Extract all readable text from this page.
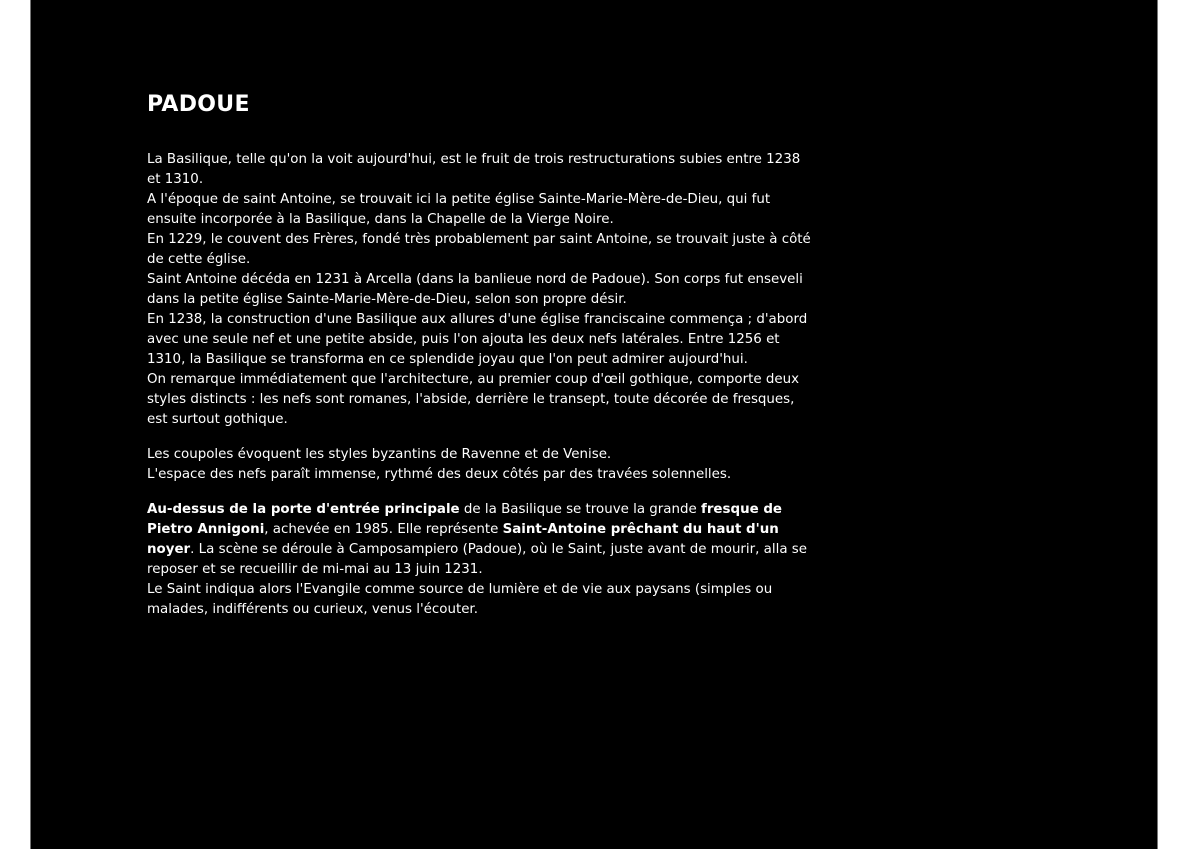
PADOUE
La Basilique, telle qu'on la voit aujourd'hui, est le fruit de trois restructurations subies entre 1238 et 1310.
A l'époque de saint Antoine, se trouvait ici la petite église Sainte-Marie-Mère-de-Dieu, qui fut ensuite incorporée à la Basilique, dans la Chapelle de la Vierge Noire.
En 1229, le couvent des Frères, fondé très probablement par saint Antoine, se trouvait juste à côté de cette église.
Saint Antoine décéda en 1231 à Arcella (dans la banlieue nord de Padoue). Son corps fut enseveli dans la petite église Sainte-Marie-Mère-de-Dieu, selon son propre désir.
En 1238, la construction d'une Basilique aux allures d'une église franciscaine commença ; d'abord avec une seule nef et une petite abside, puis l'on ajouta les deux nefs latérales. Entre 1256 et 1310, la Basilique se transforma en ce splendide joyau que l'on peut admirer aujourd'hui.
On remarque immédiatement que l'architecture, au premier coup d'œil gothique, comporte deux styles distincts : les nefs sont romanes, l'abside, derrière le transept, toute décorée de fresques, est surtout gothique.
Les coupoles évoquent les styles byzantins de Ravenne et de Venise.
L'espace des nefs paraît immense, rythmé des deux côtés par des travées solennelles.
Au-dessus de la porte d'entrée principale de la Basilique se trouve la grande fresque de Pietro Annigoni, achevée en 1985. Elle représente Saint-Antoine prêchant du haut d'un noyer. La scène se déroule à Camposampiero (Padoue), où le Saint, juste avant de mourir, alla se reposer et se recueillir de mi-mai au 13 juin 1231.
Le Saint indiqua alors l'Evangile comme source de lumière et de vie aux paysans (simples ou malades, indifférents ou curieux, venus l'écouter.
